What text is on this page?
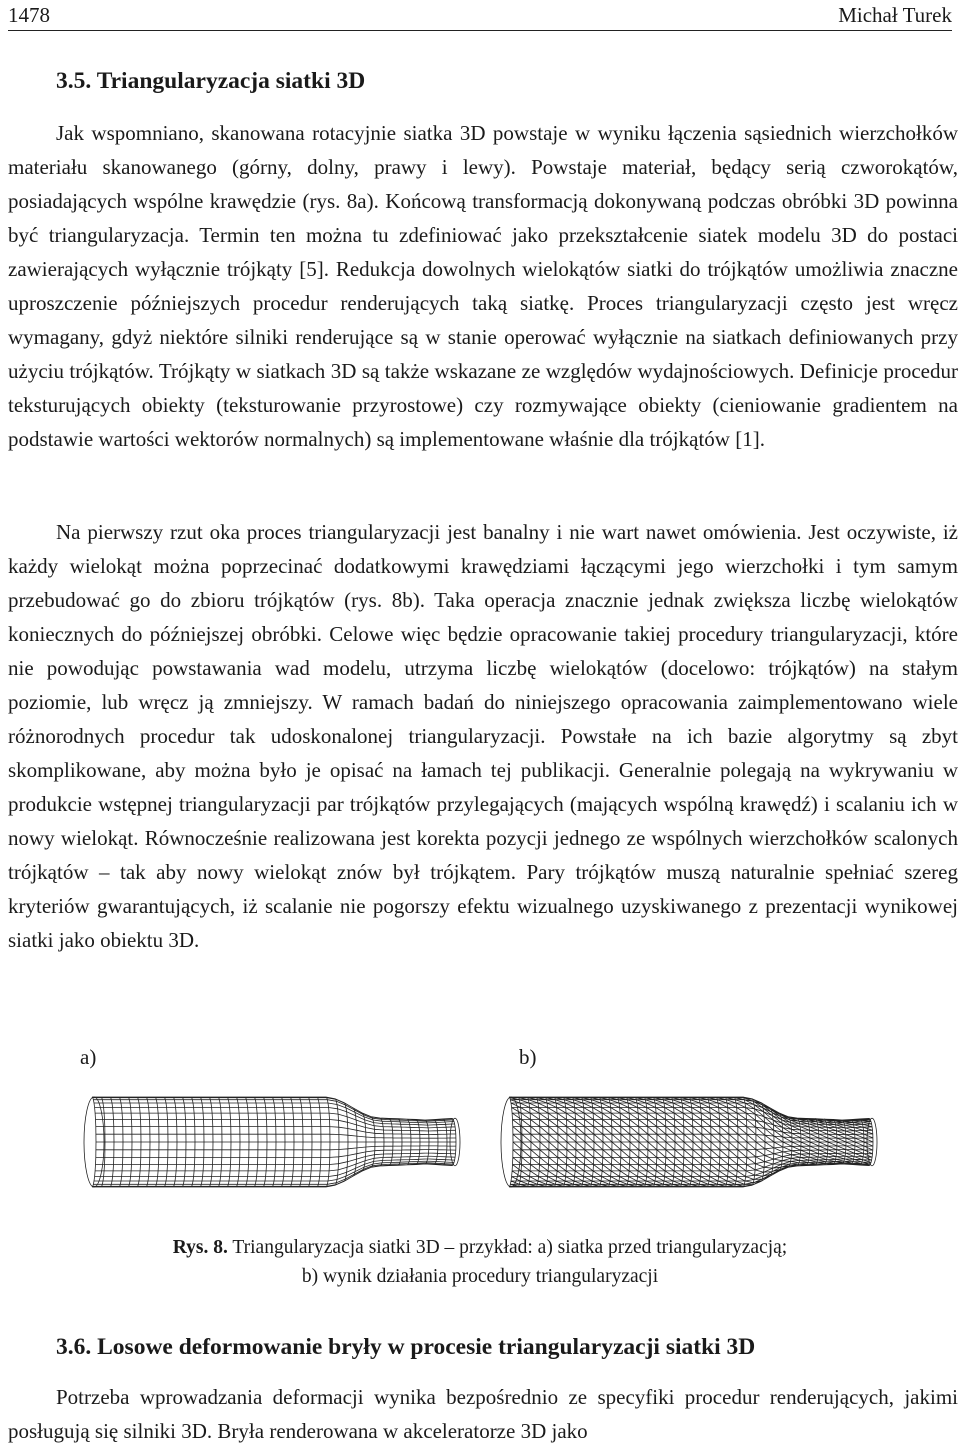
1478	Michał Turek
3.5. Triangularyzacja siatki 3D

Jak wspomniano, skanowana rotacyjnie siatka 3D powstaje w wyniku łączenia sąsiednich wierzchołków materiału skanowanego (górny, dolny, prawy i lewy). Powstaje materiał, będący serią czworokątów, posiadających wspólne krawędzie (rys. 8a). Końcową transformacją dokonywaną podczas obróbki 3D powinna być triangularyzacja. Termin ten można tu zdefiniować jako przekształcenie siatek modelu 3D do postaci zawierających wyłącznie trójkąty [5]. Redukcja dowolnych wielokątów siatki do trójkątów umożliwia znaczne uproszczenie późniejszych procedur renderujących taką siatkę. Proces triangularyzacji często jest wręcz wymagany, gdyż niektóre silniki renderujące są w stanie operować wyłącznie na siatkach definiowanych przy użyciu trójkątów. Trójkąty w siatkach 3D są także wskazane ze względów wydajnościowych. Definicje procedur teksturujących obiekty (teksturowanie przyrostowe) czy rozmywające obiekty (cieniowanie gradientem na podstawie wartości wektorów normalnych) są implementowane właśnie dla trójkątów [1].

Na pierwszy rzut oka proces triangularyzacji jest banalny i nie wart nawet omówienia. Jest oczywiste, iż każdy wielokąt można poprzecinać dodatkowymi krawędziami łączącymi jego wierzchołki i tym samym przebudować go do zbioru trójkątów (rys. 8b). Taka operacja znacznie jednak zwiększa liczbę wielokątów koniecznych do późniejszej obróbki. Celowe więc będzie opracowanie takiej procedury triangularyzacji, które nie powodując powstawania wad modelu, utrzyma liczbę wielokątów (docelowo: trójkątów) na stałym poziomie, lub wręcz ją zmniejszy. W ramach badań do niniejszego opracowania zaimplementowano wiele różnorodnych procedur tak udoskonalonej triangularyzacji. Powstałe na ich bazie algorytmy są zbyt skomplikowane, aby można było je opisać na łamach tej publikacji. Generalnie polegają na wykrywaniu w produkcie wstępnej triangularyzacji par trójkątów przylegających (mających wspólną krawędź) i scalaniu ich w nowy wielokąt. Równocześnie realizowana jest korekta pozycji jednego ze wspólnych wierzchołków scalonych trójkątów – tak aby nowy wielokąt znów był trójkątem. Pary trójkątów muszą naturalnie spełniać szereg kryteriów gwarantujących, iż scalanie nie pogorszy efektu wizualnego uzyskiwanego z prezentacji wynikowej siatki jako obiektu 3D.

a)	b)
Rys. 8. Triangularyzacja siatki 3D – przykład: a) siatka przed triangularyzacją;
b) wynik działania procedury triangularyzacji
3.6. Losowe deformowanie bryły w procesie triangularyzacji siatki 3D

Potrzeba wprowadzania deformacji wynika bezpośrednio ze specyfiki procedur renderujących, jakimi posługują się silniki 3D. Bryła renderowana w akceleratorze 3D jako
